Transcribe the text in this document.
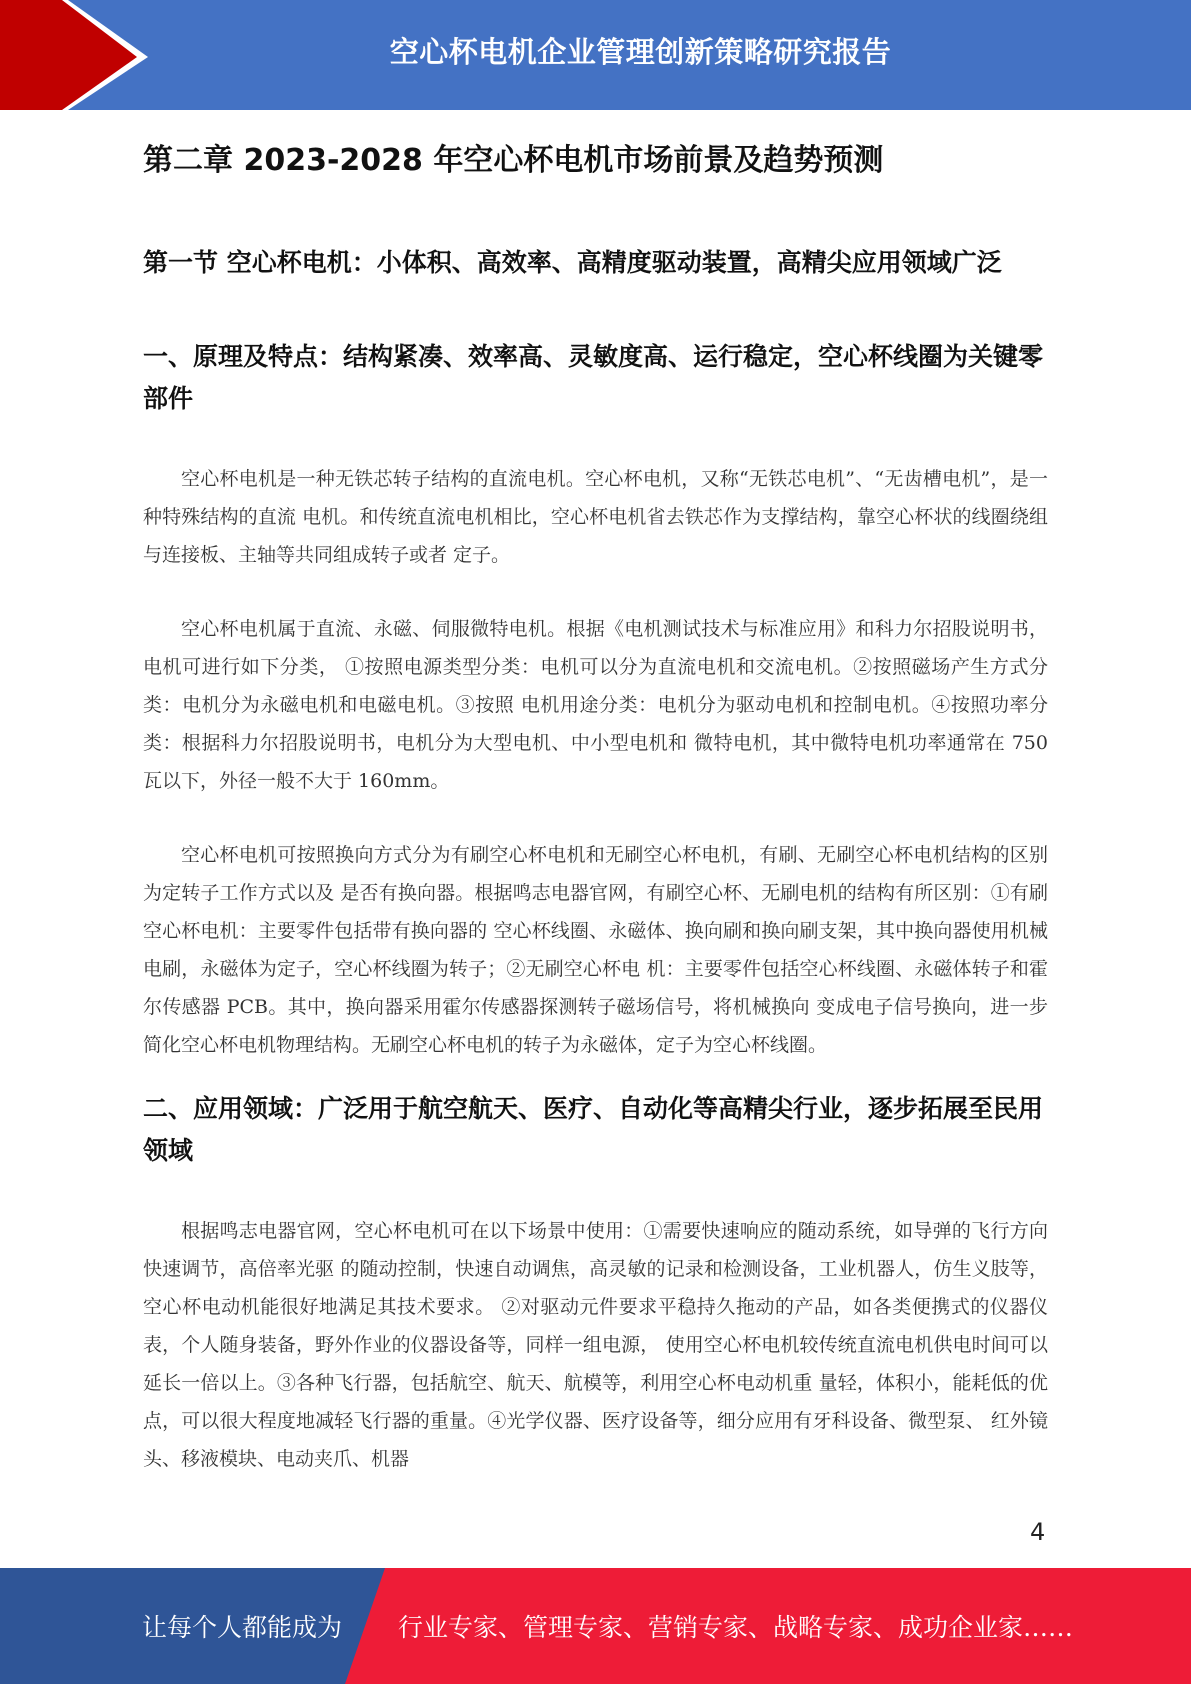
空心杯电机企业管理创新策略研究报告
第二章 2023-2028 年空心杯电机市场前景及趋势预测
第一节 空心杯电机：小体积、高效率、高精度驱动装置，高精尖应用领域广泛
一、原理及特点：结构紧凑、效率高、灵敏度高、运行稳定，空心杯线圈为关键零部件

空心杯电机是一种无铁芯转子结构的直流电机。空心杯电机，又称“无铁芯电机”、“无齿槽电机”，是一种特殊结构的直流 电机。和传统直流电机相比，空心杯电机省去铁芯作为支撑结构，靠空心杯状的线圈绕组与连接板、主轴等共同组成转子或者 定子。

空心杯电机属于直流、永磁、伺服微特电机。根据《电机测试技术与标准应用》和科力尔招股说明书，电机可进行如下分类， ①按照电源类型分类：电机可以分为直流电机和交流电机。②按照磁场产生方式分类：电机分为永磁电机和电磁电机。③按照 电机用途分类：电机分为驱动电机和控制电机。④按照功率分类：根据科力尔招股说明书，电机分为大型电机、中小型电机和 微特电机，其中微特电机功率通常在 750 瓦以下，外径一般不大于 160mm。

空心杯电机可按照换向方式分为有刷空心杯电机和无刷空心杯电机，有刷、无刷空心杯电机结构的区别为定转子工作方式以及 是否有换向器。根据鸣志电器官网，有刷空心杯、无刷电机的结构有所区别：①有刷空心杯电机：主要零件包括带有换向器的 空心杯线圈、永磁体、换向刷和换向刷支架，其中换向器使用机械电刷，永磁体为定子，空心杯线圈为转子；②无刷空心杯电 机：主要零件包括空心杯线圈、永磁体转子和霍尔传感器 PCB。其中，换向器采用霍尔传感器探测转子磁场信号，将机械换向 变成电子信号换向，进一步简化空心杯电机物理结构。无刷空心杯电机的转子为永磁体，定子为空心杯线圈。

二、应用领域：广泛用于航空航天、医疗、自动化等高精尖行业，逐步拓展至民用领域

根据鸣志电器官网，空心杯电机可在以下场景中使用：①需要快速响应的随动系统，如导弹的飞行方向快速调节，高倍率光驱 的随动控制，快速自动调焦，高灵敏的记录和检测设备，工业机器人，仿生义肢等，空心杯电动机能很好地满足其技术要求。 ②对驱动元件要求平稳持久拖动的产品，如各类便携式的仪器仪表，个人随身装备，野外作业的仪器设备等，同样一组电源， 使用空心杯电机较传统直流电机供电时间可以延长一倍以上。③各种飞行器，包括航空、航天、航模等，利用空心杯电动机重 量轻，体积小，能耗低的优点，可以很大程度地减轻飞行器的重量。④光学仪器、医疗设备等，细分应用有牙科设备、微型泵、 红外镜头、移液模块、电动夹爪、机器

4
让每个人都能成为 行业专家、管理专家、营销专家、战略专家、成功企业家……
